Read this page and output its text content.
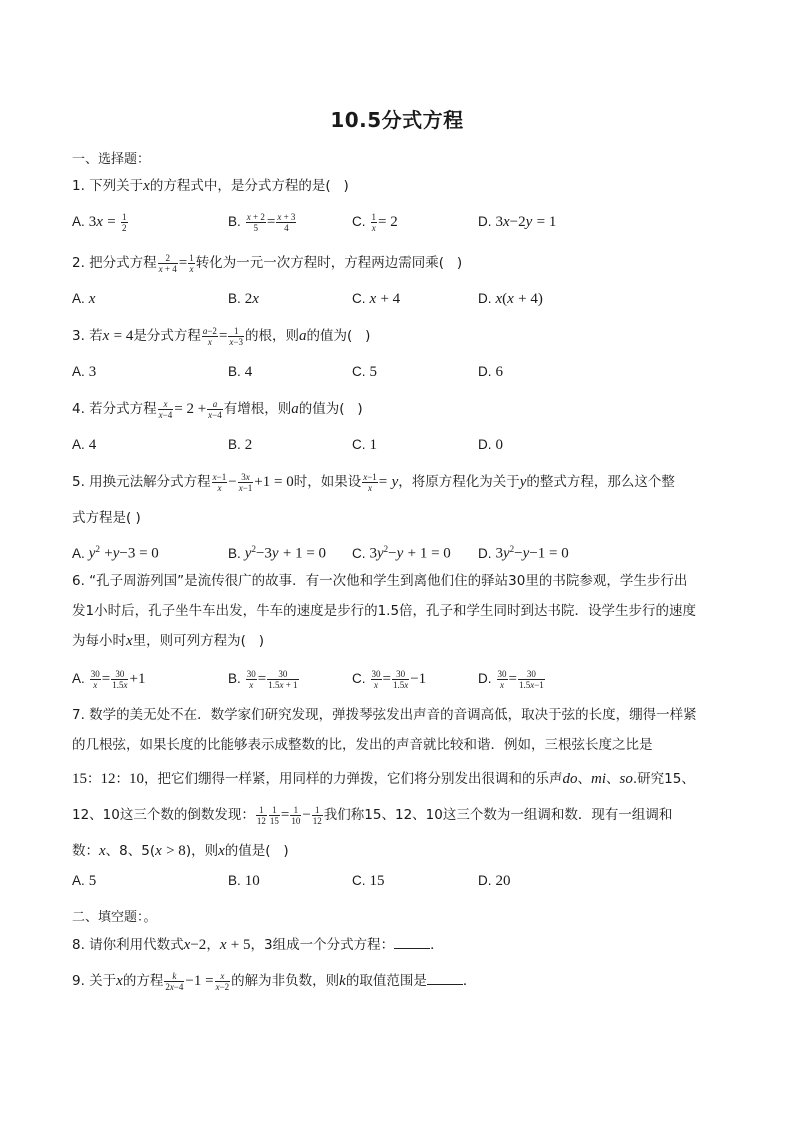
10.5分式方程
一、选择题：
1. 下列关于x的方程式中，是分式方程的是(   )
A. $3x = \frac{1}{2}$	B. $\frac{x + 2}{5} = \frac{x + 3}{4}$	C. $\frac{1}{x} = 2$	D. 3x−2y = 1
2. 把分式方程 $\frac{2}{x + 4} = \frac{1}{x}$ 转化为一元一次方程时，方程两边需同乘(   )
A. x	B. 2x	C. x + 4	D. x(x + 4)
3. 若x = 4是分式方程 $\frac{a-2}{x} = \frac{1}{x-3}$ 的根，则a的值为(   )
A. 3	B. 4	C. 5	D. 6
4. 若分式方程 $\frac{x}{x-4} = 2 + \frac{a}{x-4}$ 有增根，则a的值为(   )
A. 4	B. 2	C. 1	D. 0
5. 用换元法解分式方程 $\frac{x-1}{x} - \frac{3x}{x-1} +1 = 0$时，如果设 $\frac{x-1}{x} = y$，将原方程化为关于y的整式方程，那么这个整
式方程是( )
A. $y^2 +y-3 = 0$	B. $y^2-3y + 1 = 0$ C. $3y^2-y + 1 = 0$ D. $3y^2-y-1 = 0$
6. “孔子周游列国”是流传很广的故事．有一次他和学生到离他们住的驿站30里的书院参观，学生步行出
发1小时后，孔子坐牛车出发，牛车的速度是步行的1.5倍，孔子和学生同时到达书院．设学生步行的速度
为每小时x里，则可列方程为(   )
A. $\frac{30}{x} = \frac{30}{1.5x} +1$	B. $\frac{30}{x} = \frac{30}{1.5x + 1}$	C. $\frac{30}{x} = \frac{30}{1.5x} -1$	D. $\frac{30}{x} = \frac{30}{1.5x-1}$
7. 数学的美无处不在．数学家们研究发现，弹拨琴弦发出声音的音调高低，取决于弦的长度，绷得一样紧
的几根弦，如果长度的比能够表示成整数的比，发出的声音就比较和谐．例如，三根弦长度之比是
15：12：10，把它们绷得一样紧，用同样的力弹拨，它们将分别发出很调和的乐声do、mi、so.研究15、
12、10这三个数的倒数发现： $\frac{1}{12} \frac{1}{15} = \frac{1}{10} - \frac{1}{12}$ 我们称15、12、10这三个数为一组调和数．现有一组调和
数：x、8、5(x > 8)，则x的值是(   )
A. 5	B. 10	C. 15	D. 20
二、填空题：。
8. 请你利用代数式x−2，x + 5，3组成一个分式方程：	．
9. 关于x的方程 $\frac{k}{2x-4} -1 = \frac{x}{x-2}$ 的解为非负数，则k的取值范围是	．
